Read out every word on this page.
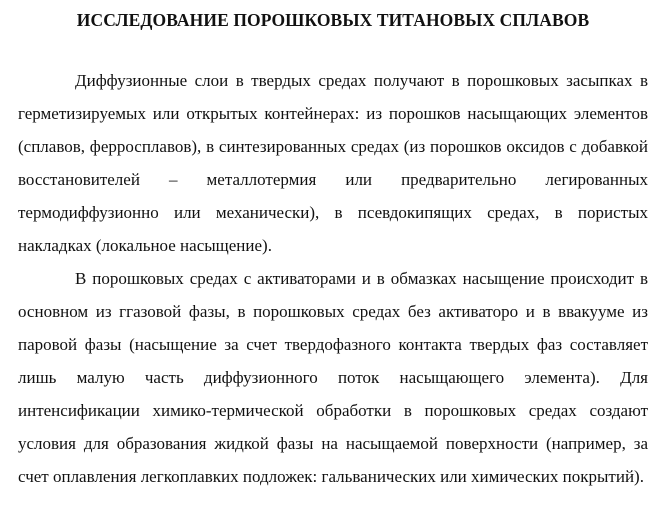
ИССЛЕДОВАНИЕ ПОРОШКОВЫХ ТИТАНОВЫХ СПЛАВОВ

Диффузионные слои в твердых средах получают в порошковых засыпках в герметизируемых или открытых контейнерах: из порошков насыщающих элементов (сплавов, ферросплавов), в синтезированных средах (из порошков оксидов с добавкой восстановителей – металлотермия или предварительно легированных термодиффузионно или механически), в псевдокипящих средах, в пористых накладках (локальное насыщение).

В порошковых средах с активаторами и в обмазках насыщение происходит в основном из ггазовой фазы, в порошковых средах без активаторо и в ввакууме из паровой фазы (насыщение за счет твердофазного контакта твердых фаз составляет лишь малую часть диффузионного поток насыщающего элемента). Для интенсификации химико-термической обработки в порошковых средах создают условия для образования жидкой фазы на насыщаемой поверхности (например, за счет оплавления легкоплавких подложек: гальванических или химических покрытий).
